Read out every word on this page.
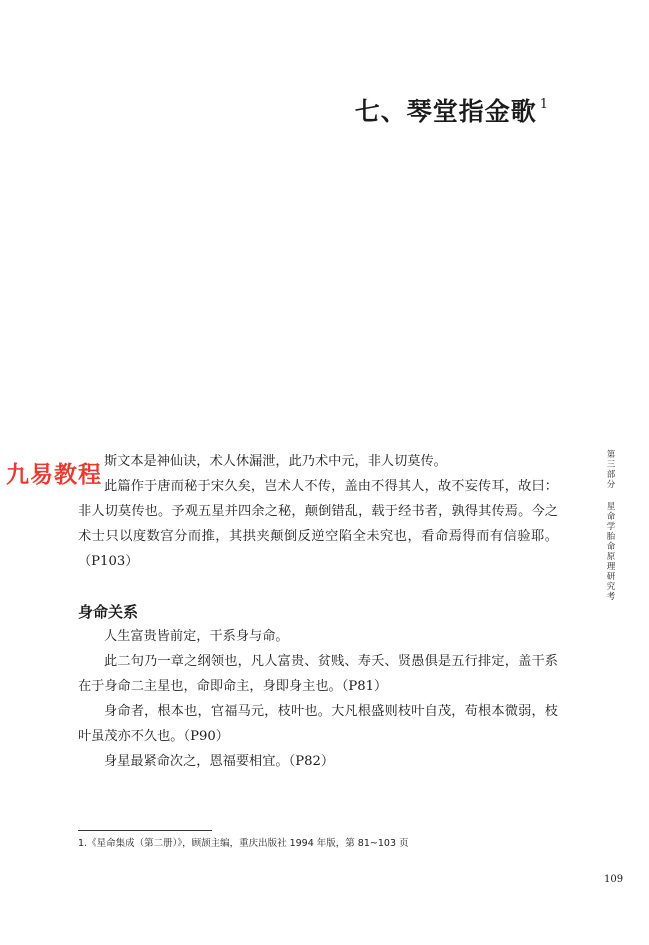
七、琴堂指金歌 $^1$
九易教程
第
三
部
分
星
命
学
胎
命
原
理
研
究
考

斯文本是神仙诀，术人休漏泄，此乃术中元，非人切莫传。

此篇作于唐而秘于宋久矣，岂术人不传，盖由不得其人，故不妄传耳，故曰：非人切莫传也。予观五星并四余之秘，颠倒错乱，载于经书者，孰得其传焉。今之术士只以度数宫分而推，其拱夹颠倒反逆空陷全未究也，看命焉得而有信验耶。（P103）

身命关系

人生富贵皆前定，干系身与命。

此二句乃一章之纲领也，凡人富贵、贫贱、寿夭、贤愚俱是五行排定，盖干系在于身命二主星也，命即命主，身即身主也。（P81）

身命者，根本也，官福马元，枝叶也。大凡根盛则枝叶自茂，苟根本微弱，枝叶虽茂亦不久也。（P90）

身星最紧命次之，恩福要相宜。（P82）

1.《星命集成（第二册）》，顾颉主编，重庆出版社 1994 年版，第 81~103 页
109
